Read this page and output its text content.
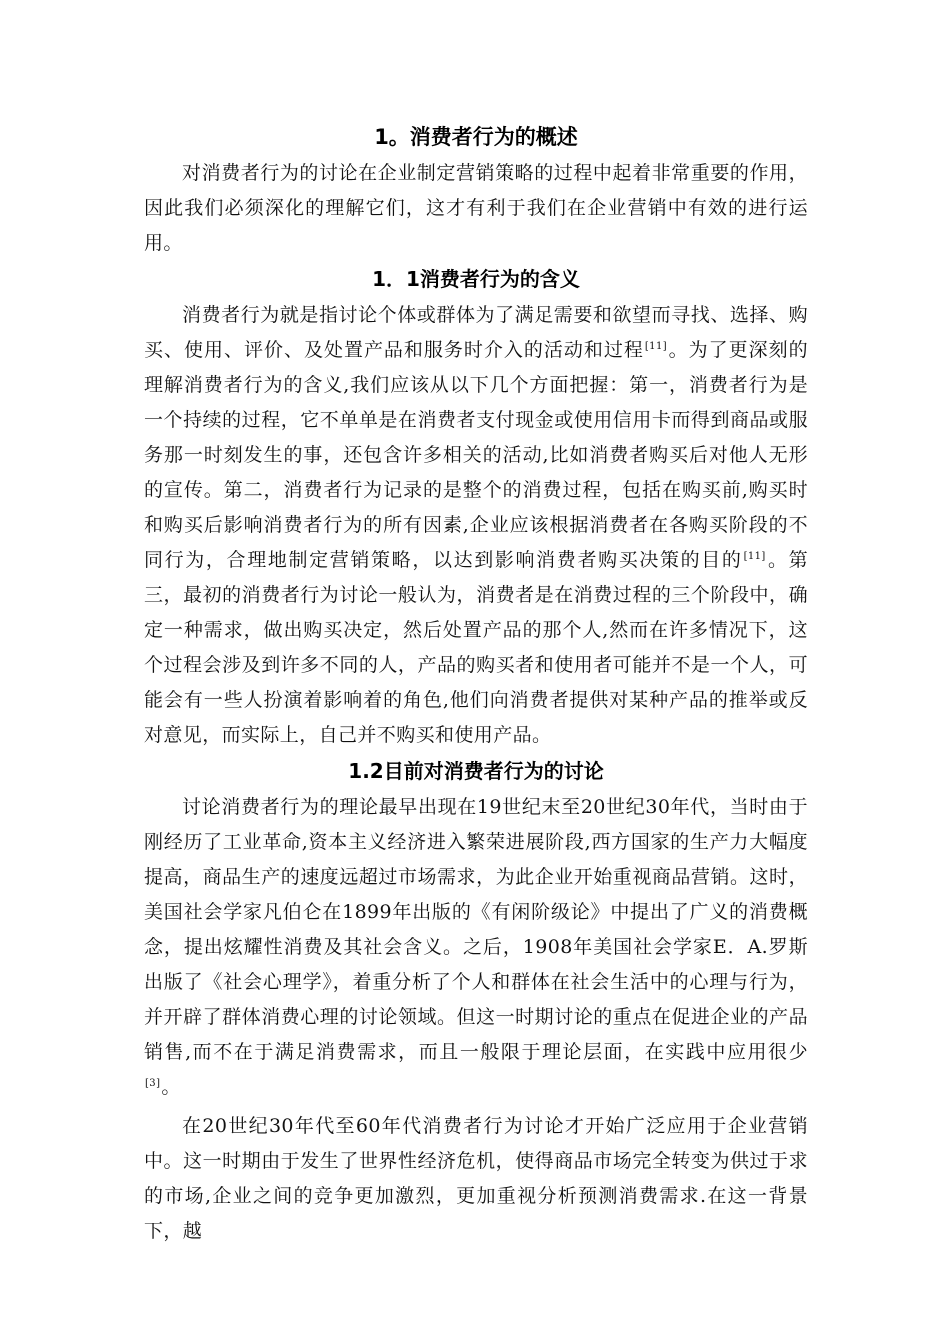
1。消费者行为的概述

对消费者行为的讨论在企业制定营销策略的过程中起着非常重要的作用，因此我们必须深化的理解它们，这才有利于我们在企业营销中有效的进行运用。

1．1消费者行为的含义

消费者行为就是指讨论个体或群体为了满足需要和欲望而寻找、选择、购买、使用、评价、及处置产品和服务时介入的活动和过程[11]。为了更深刻的理解消费者行为的含义,我们应该从以下几个方面把握：第一，消费者行为是一个持续的过程，它不单单是在消费者支付现金或使用信用卡而得到商品或服务那一时刻发生的事，还包含许多相关的活动,比如消费者购买后对他人无形的宣传。第二，消费者行为记录的是整个的消费过程，包括在购买前,购买时和购买后影响消费者行为的所有因素,企业应该根据消费者在各购买阶段的不同行为，合理地制定营销策略，以达到影响消费者购买决策的目的[11]。第三，最初的消费者行为讨论一般认为，消费者是在消费过程的三个阶段中，确定一种需求，做出购买决定，然后处置产品的那个人,然而在许多情况下，这个过程会涉及到许多不同的人，产品的购买者和使用者可能并不是一个人，可能会有一些人扮演着影响着的角色,他们向消费者提供对某种产品的推举或反对意见，而实际上，自己并不购买和使用产品。

1.2目前对消费者行为的讨论

讨论消费者行为的理论最早出现在19世纪末至20世纪30年代，当时由于刚经历了工业革命,资本主义经济进入繁荣进展阶段,西方国家的生产力大幅度提高，商品生产的速度远超过市场需求，为此企业开始重视商品营销。这时，美国社会学家凡伯仑在1899年出版的《有闲阶级论》中提出了广义的消费概念，提出炫耀性消费及其社会含义。之后，1908年美国社会学家E．A.罗斯出版了《社会心理学》，着重分析了个人和群体在社会生活中的心理与行为，并开辟了群体消费心理的讨论领域。但这一时期讨论的重点在促进企业的产品销售,而不在于满足消费需求，而且一般限于理论层面，在实践中应用很少[3]。

在20世纪30年代至60年代消费者行为讨论才开始广泛应用于企业营销中。这一时期由于发生了世界性经济危机，使得商品市场完全转变为供过于求的市场,企业之间的竞争更加激烈，更加重视分析预测消费需求.在这一背景下，越
